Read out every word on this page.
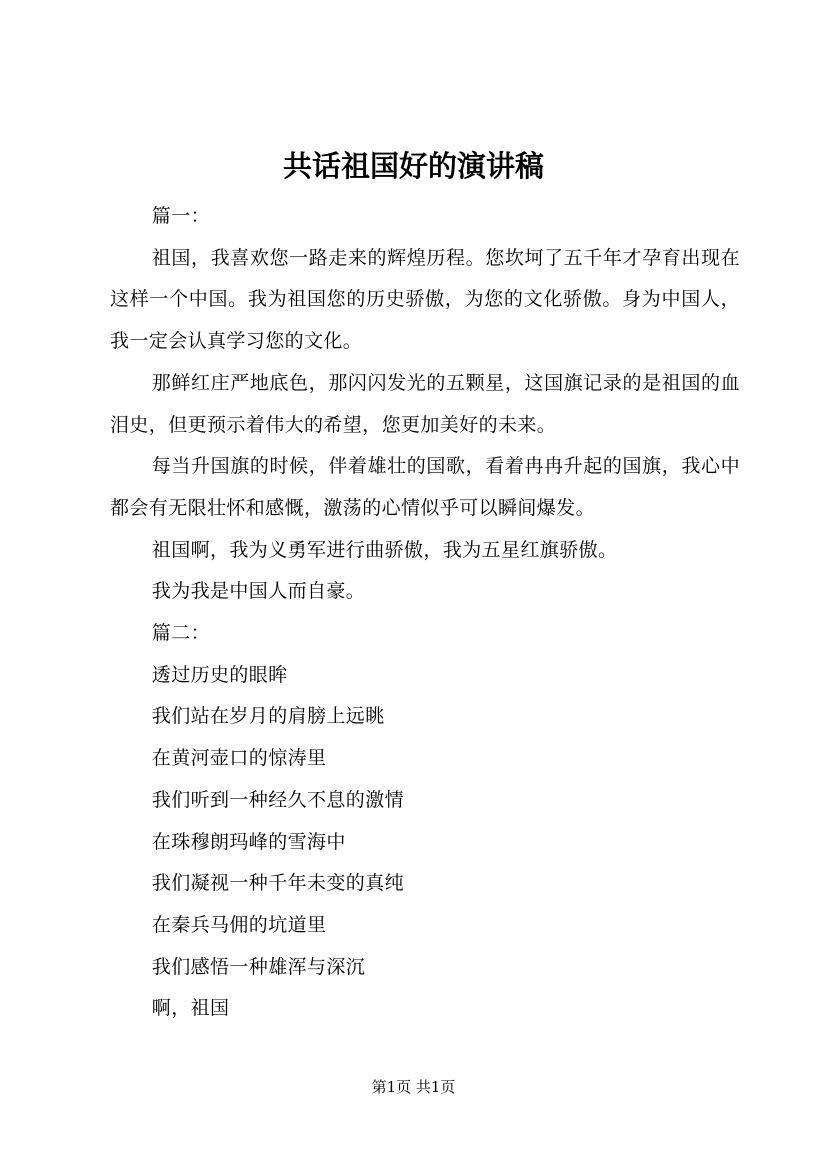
共话祖国好的演讲稿

篇一：

祖国，我喜欢您一路走来的辉煌历程。您坎坷了五千年才孕育出现在这样一个中国。我为祖国您的历史骄傲，为您的文化骄傲。身为中国人，我一定会认真学习您的文化。

那鲜红庄严地底色，那闪闪发光的五颗星，这国旗记录的是祖国的血泪史，但更预示着伟大的希望，您更加美好的未来。

每当升国旗的时候，伴着雄壮的国歌，看着冉冉升起的国旗，我心中都会有无限壮怀和感慨，激荡的心情似乎可以瞬间爆发。

祖国啊，我为义勇军进行曲骄傲，我为五星红旗骄傲。

我为我是中国人而自豪。

篇二：

透过历史的眼眸

我们站在岁月的肩膀上远眺

在黄河壶口的惊涛里

我们听到一种经久不息的激情

在珠穆朗玛峰的雪海中

我们凝视一种千年未变的真纯

在秦兵马佣的坑道里

我们感悟一种雄浑与深沉

啊，祖国

第1页 共1页
